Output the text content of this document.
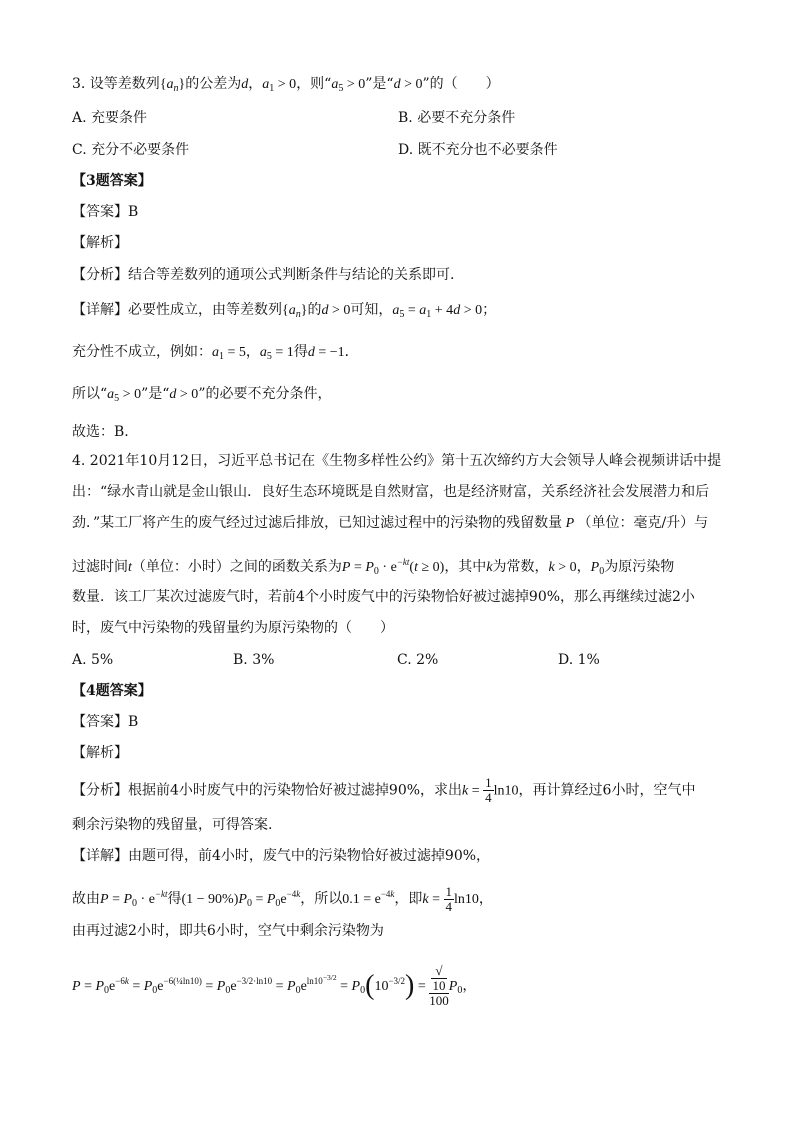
3. 设等差数列$\{a_n\}$的公差为d，$a_1 > 0$，则“$a_5 > 0$”是“d > 0”的（　　）
A. 充要条件	B. 必要不充分条件
C. 充分不必要条件	D. 既不充分也不必要条件
【3题答案】
【答案】B
【解析】
【分析】结合等差数列的通项公式判断条件与结论的关系即可.
【详解】必要性成立，由等差数列$\{a_n\}$的d > 0可知，$a_5 = a_1 + 4d > 0$；
充分性不成立，例如：$a_1 = 5$，$a_5 = 1$得d = −1．
所以“$a_5 > 0$”是“d > 0”的必要不充分条件，
故选：B.
4. 2021年10月12日，习近平总书记在《生物多样性公约》第十五次缔约方大会领导人峰会视频讲话中提
出：“绿水青山就是金山银山．良好生态环境既是自然财富，也是经济财富，关系经济社会发展潜力和后
劲．”某工厂将产生的废气经过过滤后排放，已知过滤过程中的污染物的残留数量 P （单位：毫克/升）与
过滤时间t（单位：小时）之间的函数关系为$P = P_0 \cdot e^{-kt}(t \ge 0)$，其中k为常数，k > 0，$P_0$为原污染物
数量．该工厂某次过滤废气时，若前4个小时废气中的污染物恰好被过滤掉90%，那么再继续过滤2小
时，废气中污染物的残留量约为原污染物的（　　）
A. 5%	B. 3%	C. 2%	D. 1%
【4题答案】
【答案】B
【解析】
【分析】根据前4小时废气中的污染物恰好被过滤掉90%，求出$k = \frac{1}{4} \ln 10$，再计算经过6小时，空气中
剩余污染物的残留量，可得答案.
【详解】由题可得，前4小时，废气中的污染物恰好被过滤掉90%，
故由$P = P_0 \cdot e^{-kt}$得$(1 - 90\%)P_0 = P_0e^{-4k}$，所以$0.1 = e^{-4k}$，即$k = \frac{1}{4} \ln 10$，
由再过滤2小时，即共6小时，空气中剩余污染物为
$P = P_0e^{-6k} = P_0e^{-6(\frac{1}{4}ln10)} = P_0e^{-3/2\cdot ln10} = P_0e^{ln10^{-3/2}} = P_0(10^{-3/2})$ = √
10
100 $P_0$，
